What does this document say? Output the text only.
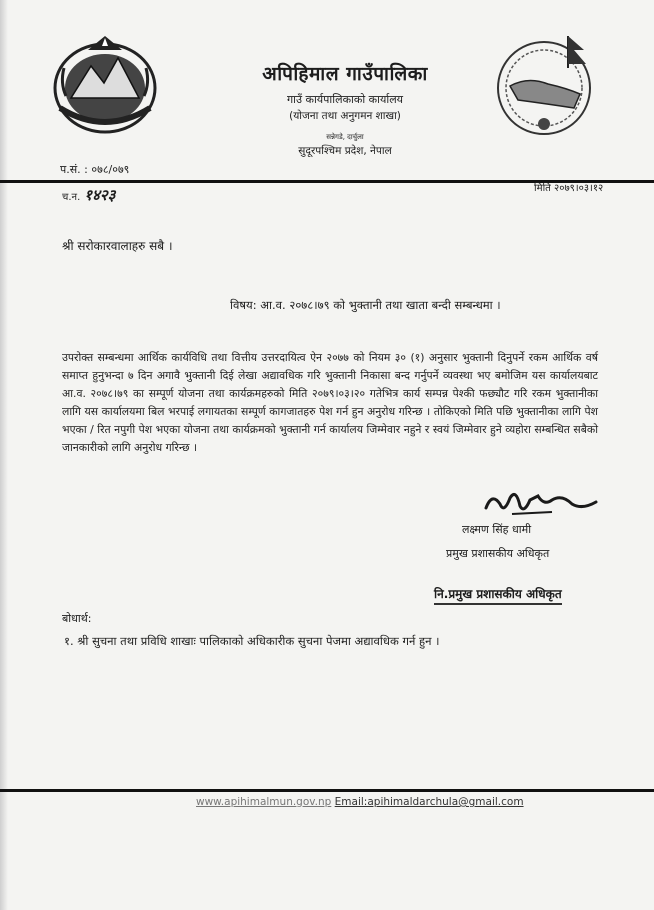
अपिहिमाल गाउँपालिका
गाउँ कार्यपालिकाको कार्यालय
(योजना तथा अनुगमन शाखा)
सन्नेगडे, दार्चुला
सुदूरपश्चिम प्रदेश, नेपाल
प.सं. : ०७८/०७९
च.न. १४२३	मिति २०७९।०३।१२
श्री सरोकारवालाहरु सबै ।
विषय: आ.व. २०७८।७९ को भुक्तानी तथा खाता बन्दी सम्बन्धमा ।
उपरोक्त सम्बन्धमा आर्थिक कार्यविधि तथा वित्तीय उत्तरदायित्व ऐन २०७७ को नियम ३० (१) अनुसार भुक्तानी दिनुपर्ने रकम आर्थिक वर्ष समाप्त हुनुभन्दा ७ दिन अगावै भुक्तानी दिई लेखा अद्यावधिक गरि भुक्तानी निकासा बन्द गर्नुपर्ने व्यवस्था भए बमोजिम यस कार्यालयबाट आ.व. २०७८।७९ का सम्पूर्ण योजना तथा कार्यक्रमहरुको मिति २०७९।०३।२० गतेभित्र कार्य सम्पन्न पेश्की फछ्यौट गरि रकम भुक्तानीका लागि यस कार्यालयमा बिल भरपाई लगायतका सम्पूर्ण कागजातहरु पेश गर्न हुन अनुरोध गरिन्छ । तोकिएको मिति पछि भुक्तानीका लागि पेश भएका / रित नपुगी पेश भएका योजना तथा कार्यक्रमको भुक्तानी गर्न कार्यालय जिम्मेवार नहुने र स्वयं जिम्मेवार हुने व्यहोरा सम्बन्धित सबैको जानकारीको लागि अनुरोध गरिन्छ ।
लक्ष्मण सिंह धामी
प्रमुख प्रशासकीय अधिकृत
नि.प्रमुख प्रशासकीय अधिकृत
बोधार्थ:
१. श्री सुचना तथा प्रविधि शाखाः पालिकाको अधिकारीक सुचना पेजमा अद्यावधिक गर्न हुन ।
www.apihimalmun.gov.np Email:apihimaldarchula@gmail.com
